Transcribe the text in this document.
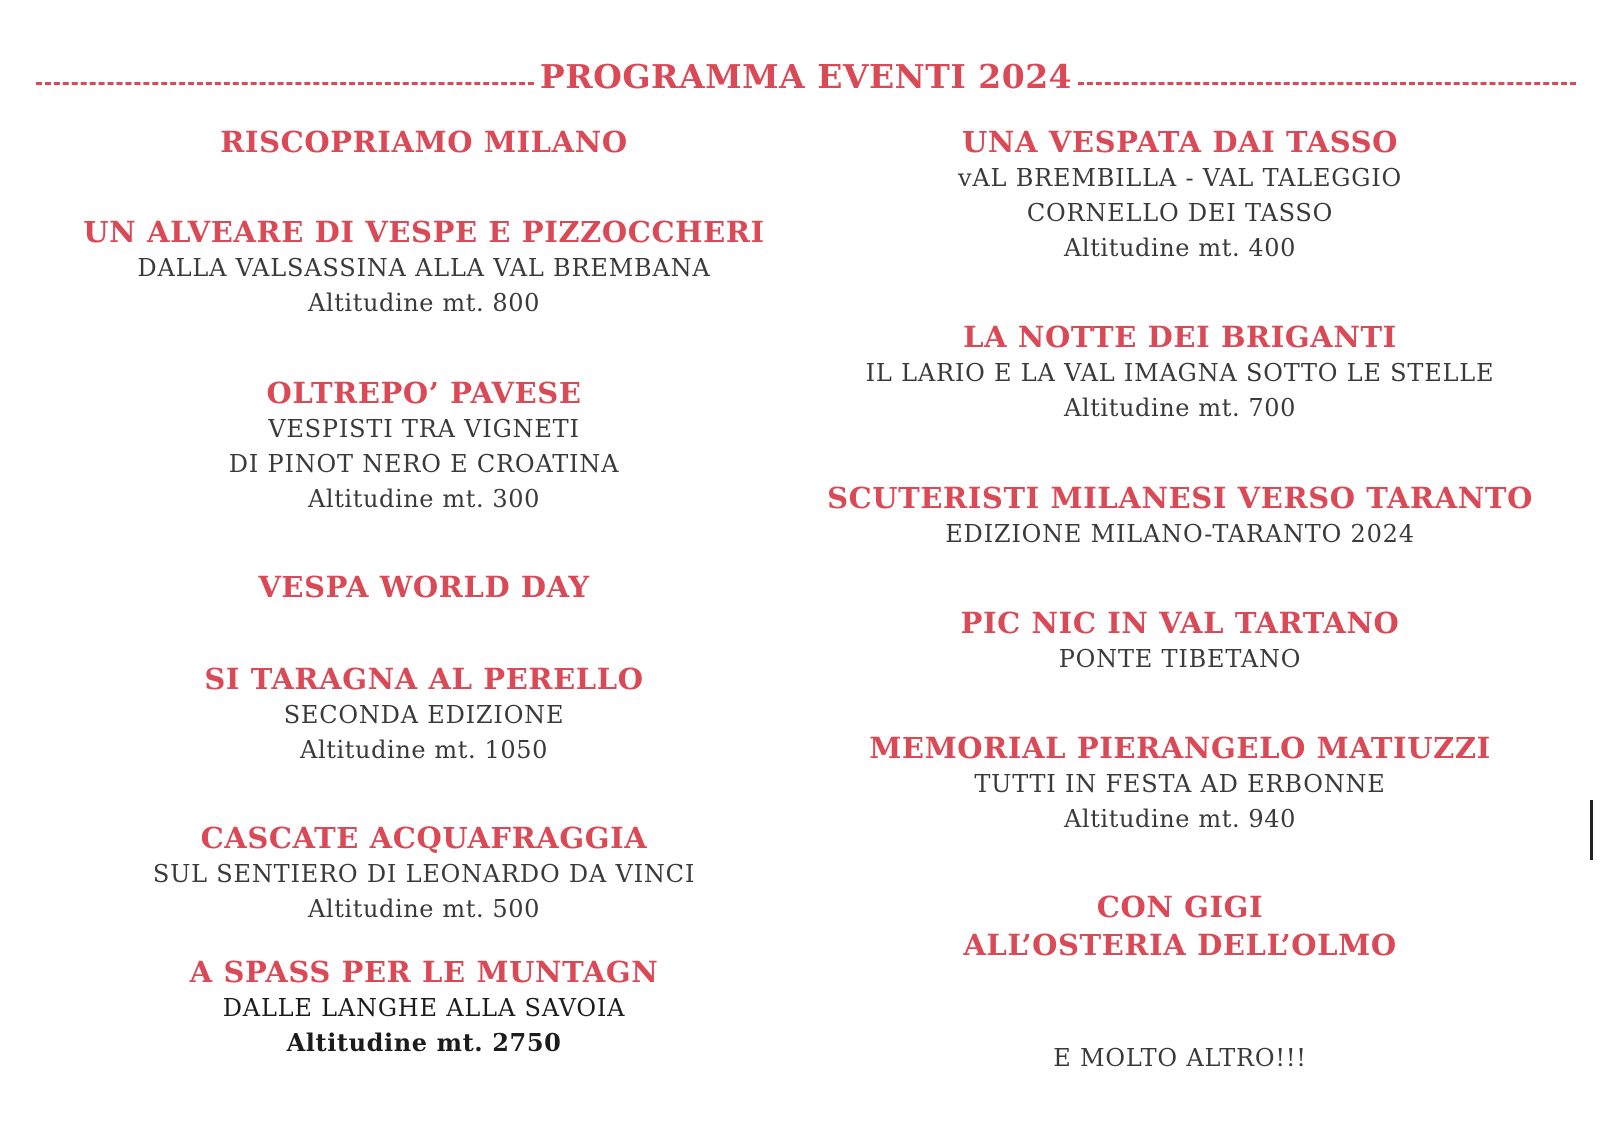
PROGRAMMA EVENTI 2024
RISCOPRIAMO MILANO
UN ALVEARE DI VESPE E PIZZOCCHERI
DALLA VALSASSINA ALLA VAL BREMBANA
Altitudine mt. 800
OLTREPO’ PAVESE
VESPISTI TRA VIGNETI
DI PINOT NERO E CROATINA
Altitudine mt. 300
VESPA WORLD DAY
SI TARAGNA AL PERELLO
SECONDA EDIZIONE
Altitudine mt. 1050
CASCATE ACQUAFRAGGIA
SUL SENTIERO DI LEONARDO DA VINCI
Altitudine mt. 500
A SPASS PER LE MUNTAGN
DALLE LANGHE ALLA SAVOIA
Altitudine mt. 2750
UNA VESPATA DAI TASSO
vAL BREMBILLA - VAL TALEGGIO
CORNELLO DEI TASSO
Altitudine mt. 400
LA NOTTE DEI BRIGANTI
IL LARIO E LA VAL IMAGNA SOTTO LE STELLE
Altitudine mt. 700
SCUTERISTI MILANESI VERSO TARANTO
EDIZIONE MILANO-TARANTO 2024
PIC NIC IN VAL TARTANO
PONTE TIBETANO
MEMORIAL PIERANGELO MATIUZZI
TUTTI IN FESTA AD ERBONNE
Altitudine mt. 940
CON GIGI
ALL’OSTERIA DELL’OLMO
E MOLTO ALTRO!!!
